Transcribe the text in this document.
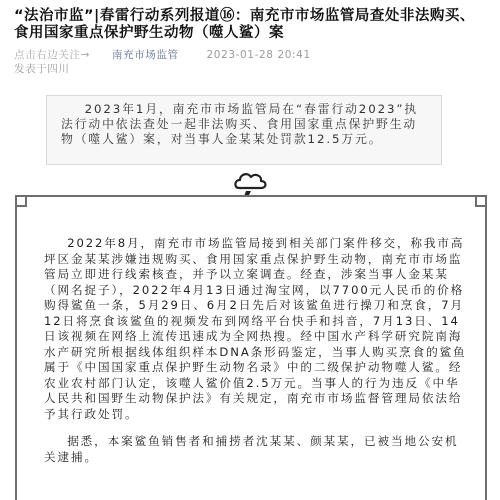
“法治市监”|春雷行动系列报道⑯：南充市市场监管局查处非法购买、食用国家重点保护野生动物（噬人鲨）案
点击右边关注→ 南充市场监管	2023-01-28 20:41
发表于四川

2023年1月，南充市市场监管局在“春雷行动2023”执法行动中依法查处一起非法购买、食用国家重点保护野生动物（噬人鲨）案，对当事人金某某处罚款12.5万元。

2022年8月，南充市市场监管局接到相关部门案件移交，称我市高坪区金某某涉嫌违规购买、食用国家重点保护野生动物，南充市市场监管局立即进行线索核查，并予以立案调查。经查，涉案当事人金某某（网名捉子），2022年4月13日通过淘宝网，以7700元人民币的价格购得鲨鱼一条，5月29日、6月2日先后对该鲨鱼进行操刀和烹食，7月12日将烹食该鲨鱼的视频发布到网络平台快手和抖音，7月13日、14日该视频在网络上流传迅速成为全网热搜。经中国水产科学研究院南海水产研究所根据线体组织样本DNA条形码鉴定，当事人购买烹食的鲨鱼属于《中国国家重点保护野生动物名录》中的二级保护动物噬人鲨。经农业农村部门认定，该噬人鲨价值2.5万元。当事人的行为违反《中华人民共和国野生动物保护法》有关规定，南充市市场监督管理局依法给予其行政处罚。

据悉，本案鲨鱼销售者和捕捞者沈某某、颜某某，已被当地公安机关逮捕。
